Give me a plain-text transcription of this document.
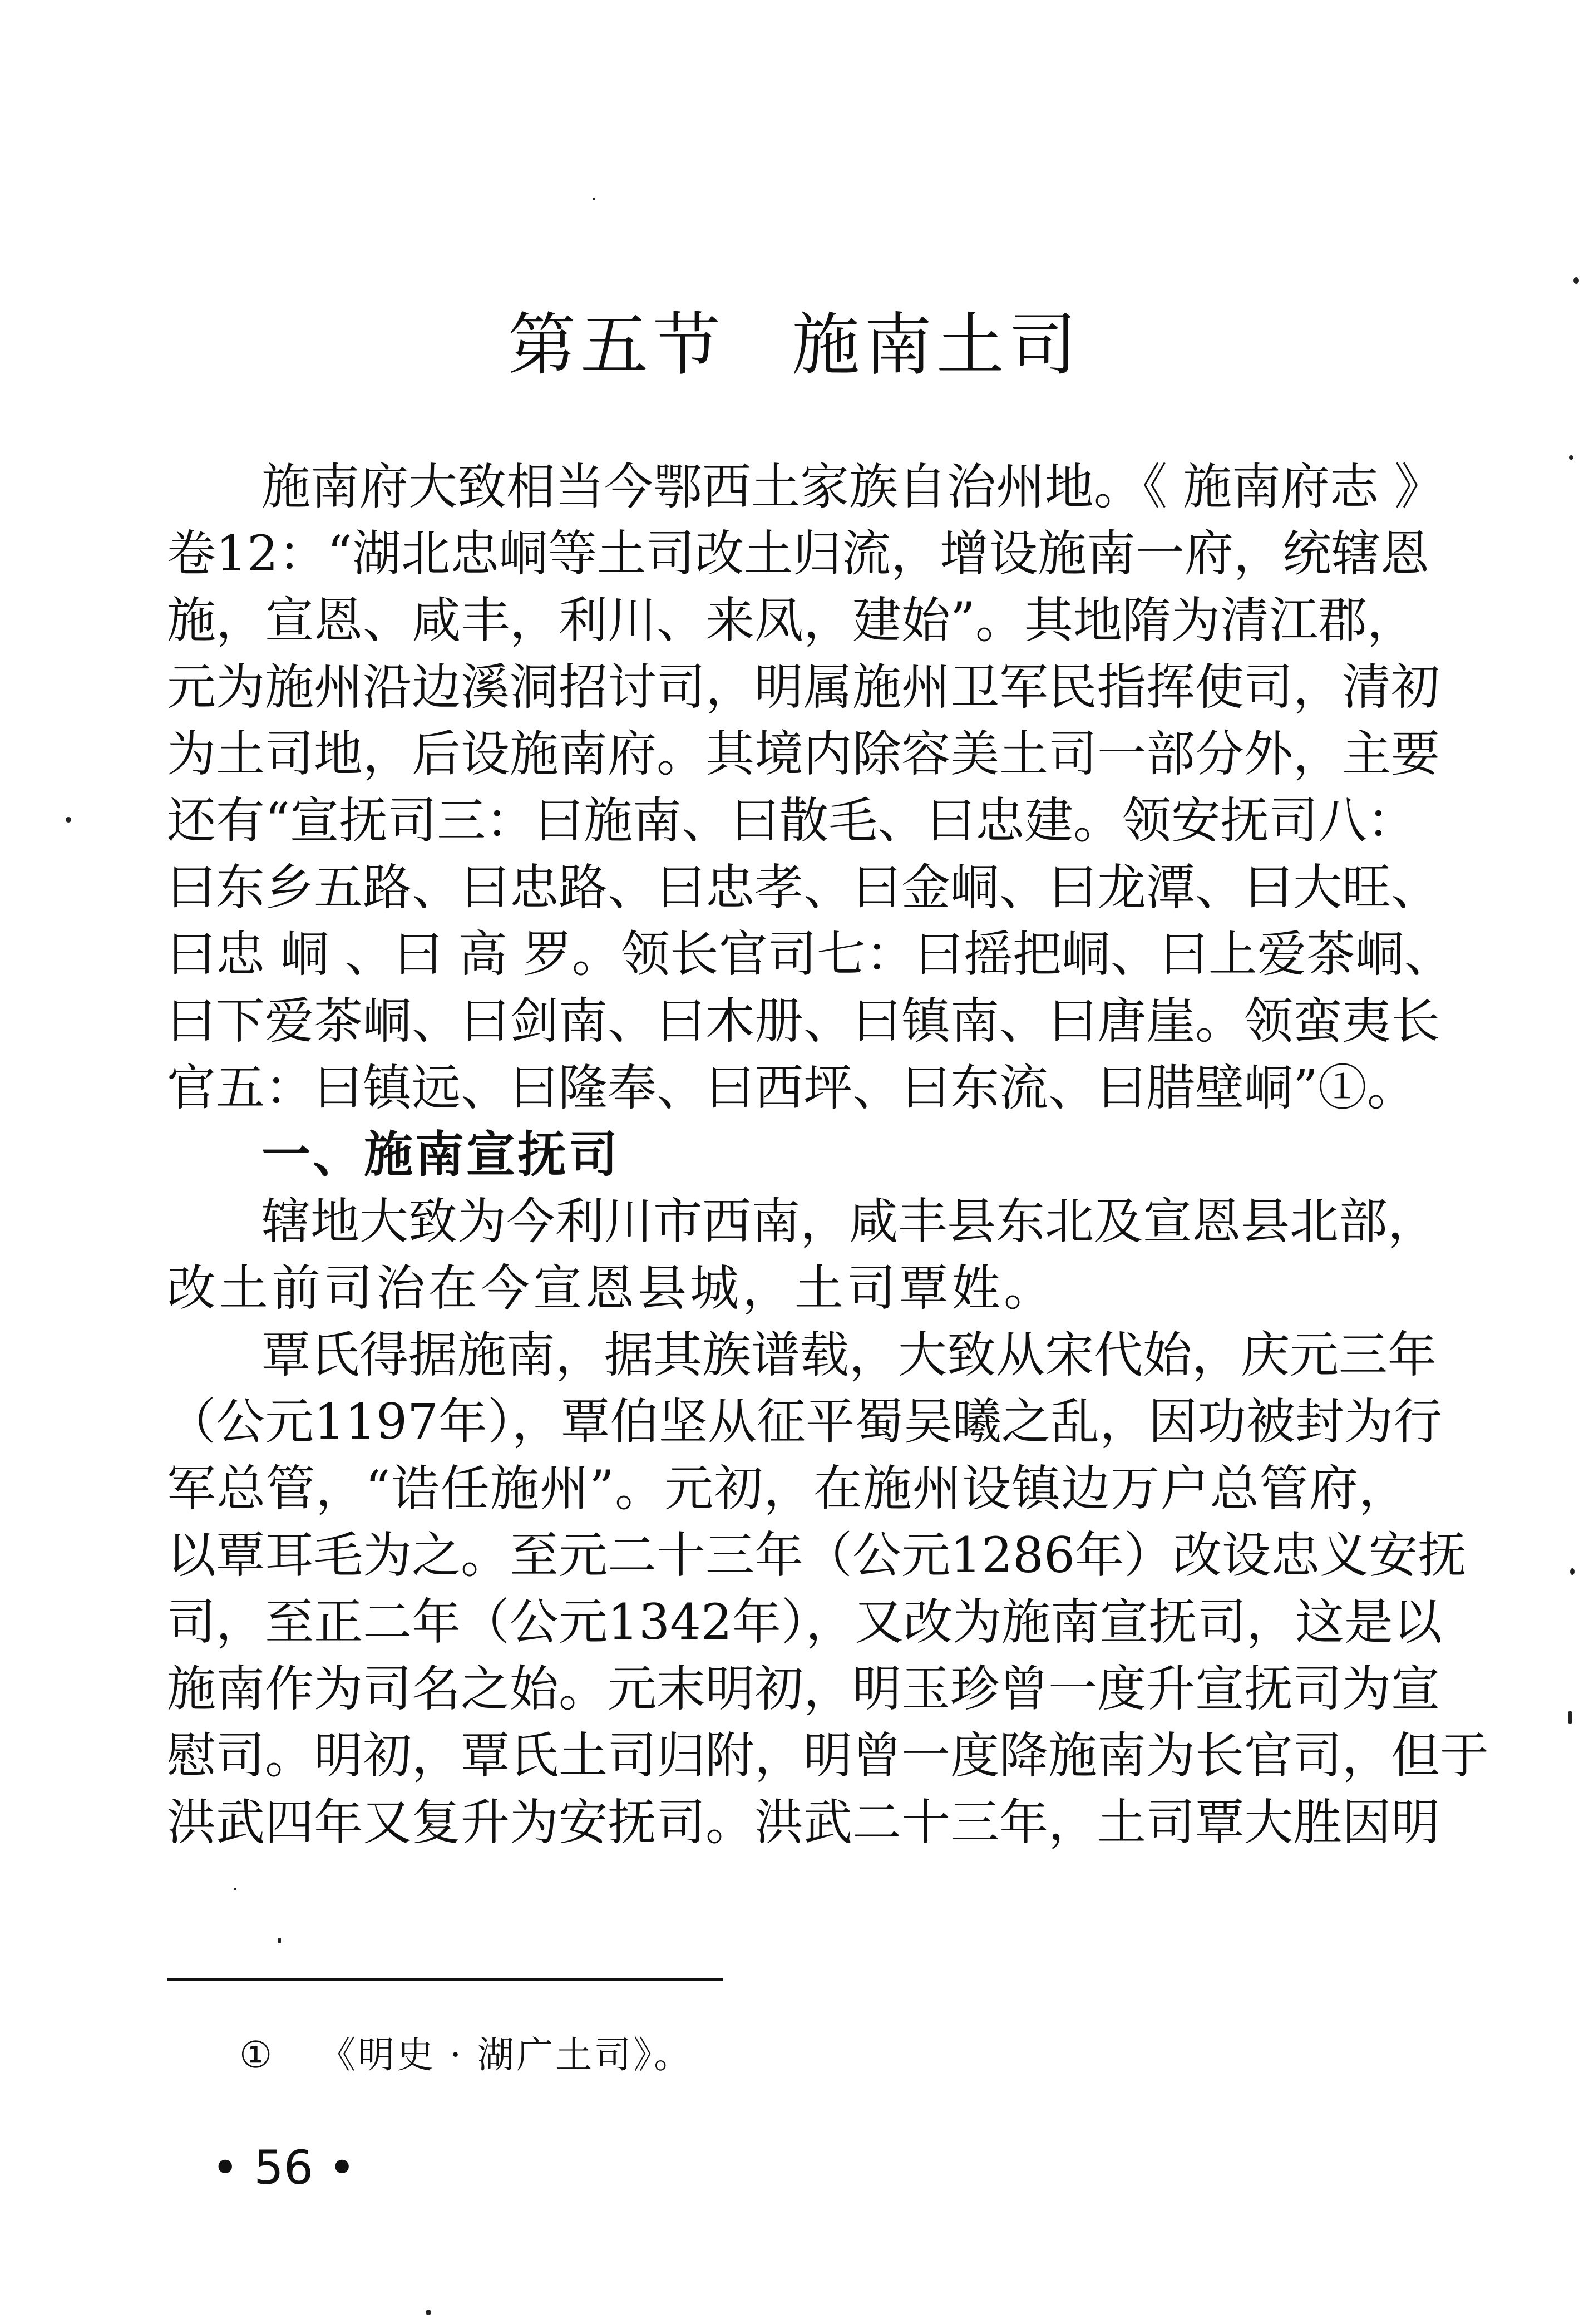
第五节 施南土司
施南府大致相当今鄂西土家族自治州地。《 施南府志 》
卷12：“湖北忠峒等土司改土归流，增设施南一府，统辖恩
施，宣恩、咸丰，利川、来凤，建始”。其地隋为清江郡，
元为施州沿边溪洞招讨司，明属施州卫军民指挥使司，清初
为土司地，后设施南府。其境内除容美土司一部分外，主要
还有“宣抚司三：曰施南、曰散毛、曰忠建。领安抚司八：
曰东乡五路、曰忠路、曰忠孝、曰金峒、曰龙潭、曰大旺、
曰忠 峒 、曰 高 罗。领长官司七：曰摇把峒、曰上爱茶峒、
曰下爱茶峒、曰剑南、曰木册、曰镇南、曰唐崖。领蛮夷长
官五：曰镇远、曰隆奉、曰西坪、曰东流、曰腊壁峒”①。
一、施南宣抚司
辖地大致为今利川市西南，咸丰县东北及宣恩县北部，
改土前司治在今宣恩县城，土司覃姓。
覃氏得据施南，据其族谱载，大致从宋代始，庆元三年
（公元1197年），覃伯坚从征平蜀吴曦之乱，因功被封为行
军总管，“诰任施州”。元初，在施州设镇边万户总管府，
以覃耳毛为之。至元二十三年（公元1286年）改设忠义安抚
司，至正二年（公元1342年），又改为施南宣抚司，这是以
施南作为司名之始。元末明初，明玉珍曾一度升宣抚司为宣
慰司。明初，覃氏土司归附，明曾一度降施南为长官司，但于
洪武四年又复升为安抚司。洪武二十三年，土司覃大胜因明
① 《明史 · 湖广土司》。
• 56 •
